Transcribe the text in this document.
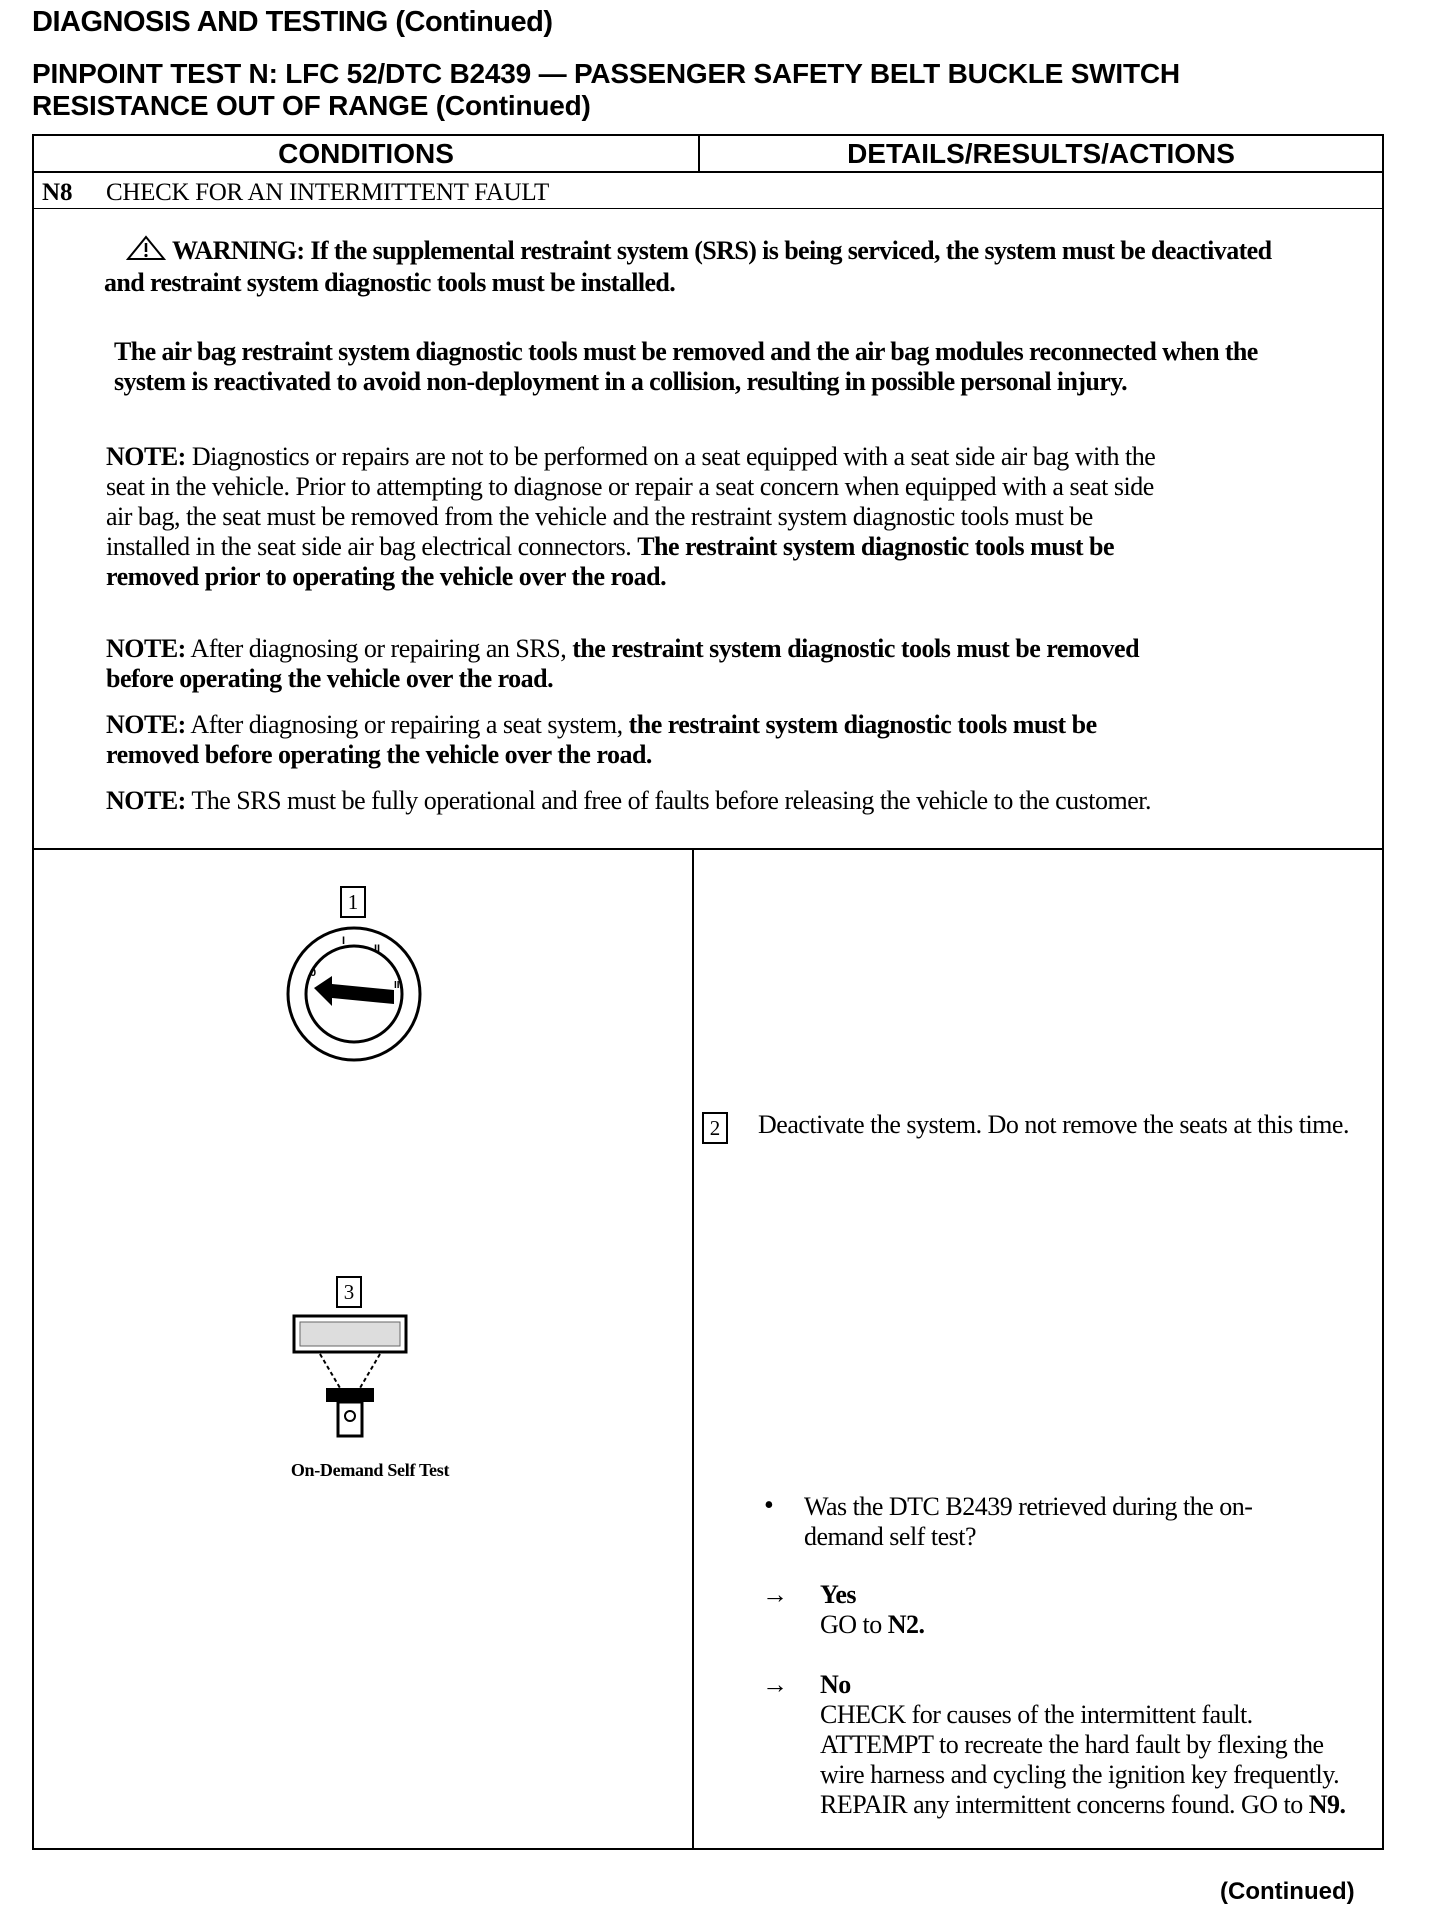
DIAGNOSIS AND TESTING (Continued)
PINPOINT TEST N: LFC 52/DTC B2439 — PASSENGER SAFETY BELT BUCKLE SWITCH
RESISTANCE OUT OF RANGE (Continued)
CONDITIONS	DETAILS/RESULTS/ACTIONS
N8 CHECK FOR AN INTERMITTENT FAULT
WARNING: If the supplemental restraint system (SRS) is being serviced, the system must be deactivated and restraint system diagnostic tools must be installed.
The air bag restraint system diagnostic tools must be removed and the air bag modules reconnected when the system is reactivated to avoid non-deployment in a collision, resulting in possible personal injury.
NOTE: Diagnostics or repairs are not to be performed on a seat equipped with a seat side air bag with the seat in the vehicle. Prior to attempting to diagnose or repair a seat concern when equipped with a seat side air bag, the seat must be removed from the vehicle and the restraint system diagnostic tools must be installed in the seat side air bag electrical connectors. The restraint system diagnostic tools must be removed prior to operating the vehicle over the road.
NOTE: After diagnosing or repairing an SRS, the restraint system diagnostic tools must be removed before operating the vehicle over the road.
NOTE: After diagnosing or repairing a seat system, the restraint system diagnostic tools must be removed before operating the vehicle over the road.
NOTE: The SRS must be fully operational and free of faults before releasing the vehicle to the customer.
1
0
I
II
III
3
On-Demand Self Test
2 Deactivate the system. Do not remove the seats at this time.
• Was the DTC B2439 retrieved during the on-demand self test?
→ Yes
GO to N2.
→ No
CHECK for causes of the intermittent fault. ATTEMPT to recreate the hard fault by flexing the wire harness and cycling the ignition key frequently. REPAIR any intermittent concerns found. GO to N9.
(Continued)
